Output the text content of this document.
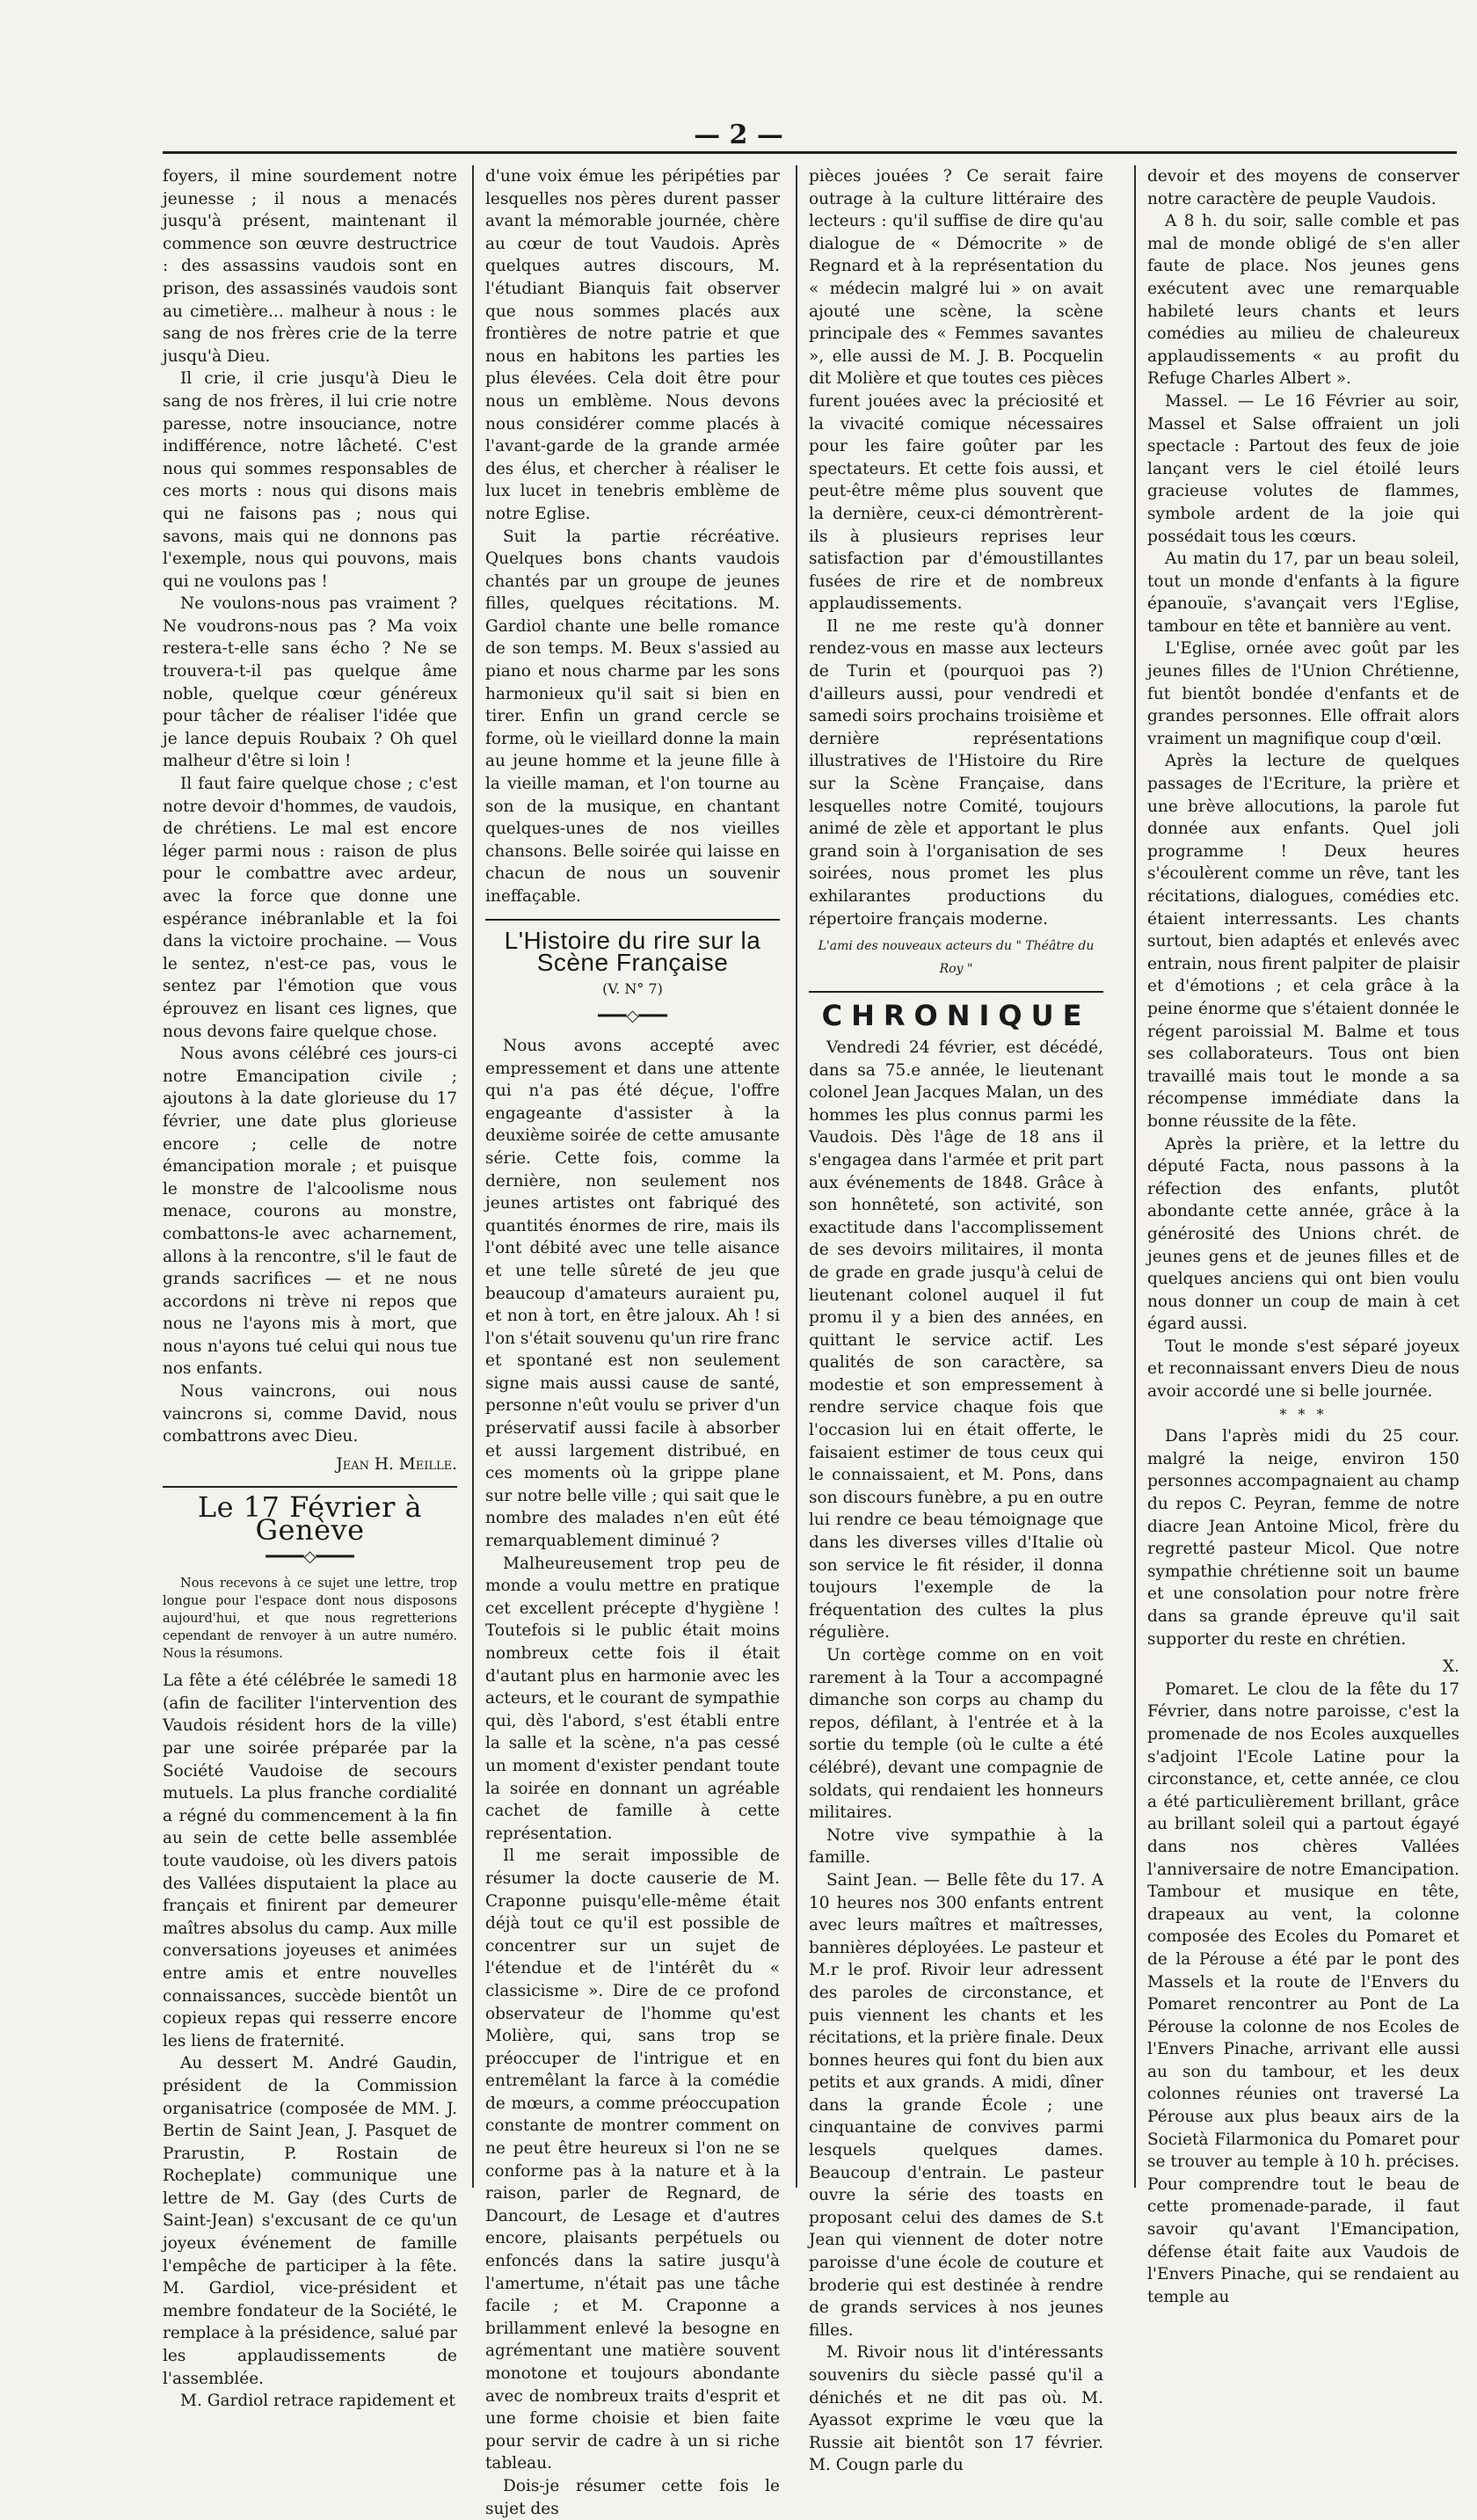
— 2 —

foyers, il mine sourdement notre jeunesse ; il nous a menacés jusqu'à présent, maintenant il commence son œuvre destructrice : des assassins vaudois sont en prison, des assassinés vaudois sont au cimetière... malheur à nous : le sang de nos frères crie de la terre jusqu'à Dieu.

Il crie, il crie jusqu'à Dieu le sang de nos frères, il lui crie notre paresse, notre insouciance, notre indifférence, notre lâcheté. C'est nous qui sommes responsables de ces morts : nous qui disons mais qui ne faisons pas ; nous qui savons, mais qui ne donnons pas l'exemple, nous qui pouvons, mais qui ne voulons pas !

Ne voulons-nous pas vraiment ? Ne voudrons-nous pas ? Ma voix restera-t-elle sans écho ? Ne se trouvera-t-il pas quelque âme noble, quelque cœur généreux pour tâcher de réaliser l'idée que je lance depuis Roubaix ? Oh quel malheur d'être si loin !

Il faut faire quelque chose ; c'est notre devoir d'hommes, de vaudois, de chrétiens. Le mal est encore léger parmi nous : raison de plus pour le combattre avec ardeur, avec la force que donne une espérance inébranlable et la foi dans la victoire prochaine. — Vous le sentez, n'est-ce pas, vous le sentez par l'émotion que vous éprouvez en lisant ces lignes, que nous devons faire quelque chose.

Nous avons célébré ces jours-ci notre Emancipation civile ; ajoutons à la date glorieuse du 17 février, une date plus glorieuse encore ; celle de notre émancipation morale ; et puisque le monstre de l'alcoolisme nous menace, courons au monstre, combattons-le avec acharnement, allons à la rencontre, s'il le faut de grands sacrifices — et ne nous accordons ni trève ni repos que nous ne l'ayons mis à mort, que nous n'ayons tué celui qui nous tue nos enfants.

Nous vaincrons, oui nous vaincrons si, comme David, nous combattrons avec Dieu.

Jean H. Meille.
Le 17 Février à Genève
━━━━◇━━━━
Nous recevons à ce sujet une lettre, trop longue pour l'espace dont nous disposons aujourd'hui, et que nous regretterions cependant de renvoyer à un autre numéro. Nous la résumons.

La fête a été célébrée le samedi 18 (afin de faciliter l'intervention des Vaudois résident hors de la ville) par une soirée préparée par la Société Vaudoise de secours mutuels. La plus franche cordialité a régné du commencement à la fin au sein de cette belle assemblée toute vaudoise, où les divers patois des Vallées disputaient la place au français et finirent par demeurer maîtres absolus du camp. Aux mille conversations joyeuses et animées entre amis et entre nouvelles connaissances, succède bientôt un copieux repas qui resserre encore les liens de fraternité.

Au dessert M. André Gaudin, président de la Commission organisatrice (composée de MM. J. Bertin de Saint Jean, J. Pasquet de Prarustin, P. Rostain de Rocheplate) communique une lettre de M. Gay (des Curts de Saint-Jean) s'excusant de ce qu'un joyeux événement de famille l'empêche de participer à la fête. M. Gardiol, vice-président et membre fondateur de la Société, le remplace à la présidence, salué par les applaudissements de l'assemblée.

M. Gardiol retrace rapidement et

d'une voix émue les péripéties par lesquelles nos pères durent passer avant la mémorable journée, chère au cœur de tout Vaudois. Après quelques autres discours, M. l'étudiant Bianquis fait observer que nous sommes placés aux frontières de notre patrie et que nous en habitons les parties les plus élevées. Cela doit être pour nous un emblème. Nous devons nous considérer comme placés à l'avant-garde de la grande armée des élus, et chercher à réaliser le lux lucet in tenebris emblème de notre Eglise.

Suit la partie récréative. Quelques bons chants vaudois chantés par un groupe de jeunes filles, quelques récitations. M. Gardiol chante une belle romance de son temps. M. Beux s'assied au piano et nous charme par les sons harmonieux qu'il sait si bien en tirer. Enfin un grand cercle se forme, où le vieillard donne la main au jeune homme et la jeune fille à la vieille maman, et l'on tourne au son de la musique, en chantant quelques-unes de nos vieilles chansons. Belle soirée qui laisse en chacun de nous un souvenir ineffaçable.

L'Histoire du rire sur la Scène Française
(V. N° 7)
━━━◇━━━

Nous avons accepté avec empressement et dans une attente qui n'a pas été déçue, l'offre engageante d'assister à la deuxième soirée de cette amusante série. Cette fois, comme la dernière, non seulement nos jeunes artistes ont fabriqué des quantités énormes de rire, mais ils l'ont débité avec une telle aisance et une telle sûreté de jeu que beaucoup d'amateurs auraient pu, et non à tort, en être jaloux. Ah ! si l'on s'était souvenu qu'un rire franc et spontané est non seulement signe mais aussi cause de santé, personne n'eût voulu se priver d'un préservatif aussi facile à absorber et aussi largement distribué, en ces moments où la grippe plane sur notre belle ville ; qui sait que le nombre des malades n'en eût été remarquablement diminué ?

Malheureusement trop peu de monde a voulu mettre en pratique cet excellent précepte d'hygiène ! Toutefois si le public était moins nombreux cette fois il était d'autant plus en harmonie avec les acteurs, et le courant de sympathie qui, dès l'abord, s'est établi entre la salle et la scène, n'a pas cessé un moment d'exister pendant toute la soirée en donnant un agréable cachet de famille à cette représentation.

Il me serait impossible de résumer la docte causerie de M. Craponne puisqu'elle-même était déjà tout ce qu'il est possible de concentrer sur un sujet de l'étendue et de l'intérêt du « classicisme ». Dire de ce profond observateur de l'homme qu'est Molière, qui, sans trop se préoccuper de l'intrigue et en entremêlant la farce à la comédie de mœurs, a comme préoccupation constante de montrer comment on ne peut être heureux si l'on ne se conforme pas à la nature et à la raison, parler de Regnard, de Dancourt, de Lesage et d'autres encore, plaisants perpétuels ou enfoncés dans la satire jusqu'à l'amertume, n'était pas une tâche facile ; et M. Craponne a brillamment enlevé la besogne en agrémentant une matière souvent monotone et toujours abondante avec de nombreux traits d'esprit et une forme choisie et bien faite pour servir de cadre à un si riche tableau.

Dois-je résumer cette fois le sujet des

pièces jouées ? Ce serait faire outrage à la culture littéraire des lecteurs : qu'il suffise de dire qu'au dialogue de « Démocrite » de Regnard et à la représentation du « médecin malgré lui » on avait ajouté une scène, la scène principale des « Femmes savantes », elle aussi de M. J. B. Pocquelin dit Molière et que toutes ces pièces furent jouées avec la préciosité et la vivacité comique nécessaires pour les faire goûter par les spectateurs. Et cette fois aussi, et peut-être même plus souvent que la dernière, ceux-ci démontrèrent-ils à plusieurs reprises leur satisfaction par d'émoustillantes fusées de rire et de nombreux applaudissements.

Il ne me reste qu'à donner rendez-vous en masse aux lecteurs de Turin et (pourquoi pas ?) d'ailleurs aussi, pour vendredi et samedi soirs prochains troisième et dernière représentations illustratives de l'Histoire du Rire sur la Scène Française, dans lesquelles notre Comité, toujours animé de zèle et apportant le plus grand soin à l'organisation de ses soirées, nous promet les plus exhilarantes productions du répertoire français moderne.

L'ami des nouveaux acteurs du " Théâtre du Roy "
CHRONIQUE

Vendredi 24 février, est décédé, dans sa 75.e année, le lieutenant colonel Jean Jacques Malan, un des hommes les plus connus parmi les Vaudois. Dès l'âge de 18 ans il s'engagea dans l'armée et prit part aux événements de 1848. Grâce à son honnêteté, son activité, son exactitude dans l'accomplissement de ses devoirs militaires, il monta de grade en grade jusqu'à celui de lieutenant colonel auquel il fut promu il y a bien des années, en quittant le service actif. Les qualités de son caractère, sa modestie et son empressement à rendre service chaque fois que l'occasion lui en était offerte, le faisaient estimer de tous ceux qui le connaissaient, et M. Pons, dans son discours funèbre, a pu en outre lui rendre ce beau témoignage que dans les diverses villes d'Italie où son service le fit résider, il donna toujours l'exemple de la fréquentation des cultes la plus régulière.

Un cortège comme on en voit rarement à la Tour a accompagné dimanche son corps au champ du repos, défilant, à l'entrée et à la sortie du temple (où le culte a été célébré), devant une compagnie de soldats, qui rendaient les honneurs militaires.

Notre vive sympathie à la famille.

Saint Jean. — Belle fête du 17. A 10 heures nos 300 enfants entrent avec leurs maîtres et maîtresses, bannières déployées. Le pasteur et M.r le prof. Rivoir leur adressent des paroles de circonstance, et puis viennent les chants et les récitations, et la prière finale. Deux bonnes heures qui font du bien aux petits et aux grands. A midi, dîner dans la grande École ; une cinquantaine de convives parmi lesquels quelques dames. Beaucoup d'entrain. Le pasteur ouvre la série des toasts en proposant celui des dames de S.t Jean qui viennent de doter notre paroisse d'une école de couture et broderie qui est destinée à rendre de grands services à nos jeunes filles.

M. Rivoir nous lit d'intéressants souvenirs du siècle passé qu'il a dénichés et ne dit pas où. M. Ayassot exprime le vœu que la Russie ait bientôt son 17 février. M. Cougn parle du

devoir et des moyens de conserver notre caractère de peuple Vaudois.

A 8 h. du soir, salle comble et pas mal de monde obligé de s'en aller faute de place. Nos jeunes gens exécutent avec une remarquable habileté leurs chants et leurs comédies au milieu de chaleureux applaudissements « au profit du Refuge Charles Albert ».

Massel. — Le 16 Février au soir, Massel et Salse offraient un joli spectacle : Partout des feux de joie lançant vers le ciel étoilé leurs gracieuse volutes de flammes, symbole ardent de la joie qui possédait tous les cœurs.

Au matin du 17, par un beau soleil, tout un monde d'enfants à la figure épanouïe, s'avançait vers l'Eglise, tambour en tête et bannière au vent.

L'Eglise, ornée avec goût par les jeunes filles de l'Union Chrétienne, fut bientôt bondée d'enfants et de grandes personnes. Elle offrait alors vraiment un magnifique coup d'œil.

Après la lecture de quelques passages de l'Ecriture, la prière et une brève allocutions, la parole fut donnée aux enfants. Quel joli programme ! Deux heures s'écoulèrent comme un rêve, tant les récitations, dialogues, comédies etc. étaient interressants. Les chants surtout, bien adaptés et enlevés avec entrain, nous firent palpiter de plaisir et d'émotions ; et cela grâce à la peine énorme que s'étaient donnée le régent paroissial M. Balme et tous ses collaborateurs. Tous ont bien travaillé mais tout le monde a sa récompense immédiate dans la bonne réussite de la fête.

Après la prière, et la lettre du député Facta, nous passons à la réfection des enfants, plutôt abondante cette année, grâce à la générosité des Unions chrét. de jeunes gens et de jeunes filles et de quelques anciens qui ont bien voulu nous donner un coup de main à cet égard aussi.

Tout le monde s'est séparé joyeux et reconnaissant envers Dieu de nous avoir accordé une si belle journée.

* * *

Dans l'après midi du 25 cour. malgré la neige, environ 150 personnes accompagnaient au champ du repos C. Peyran, femme de notre diacre Jean Antoine Micol, frère du regretté pasteur Micol. Que notre sympathie chrétienne soit un baume et une consolation pour notre frère dans sa grande épreuve qu'il sait supporter du reste en chrétien.

X.

Pomaret. Le clou de la fête du 17 Février, dans notre paroisse, c'est la promenade de nos Ecoles auxquelles s'adjoint l'Ecole Latine pour la circonstance, et, cette année, ce clou a été particulièrement brillant, grâce au brillant soleil qui a partout égayé dans nos chères Vallées l'anniversaire de notre Emancipation. Tambour et musique en tête, drapeaux au vent, la colonne composée des Ecoles du Pomaret et de la Pérouse a été par le pont des Massels et la route de l'Envers du Pomaret rencontrer au Pont de La Pérouse la colonne de nos Ecoles de l'Envers Pinache, arrivant elle aussi au son du tambour, et les deux colonnes réunies ont traversé La Pérouse aux plus beaux airs de la Società Filarmonica du Pomaret pour se trouver au temple à 10 h. précises. Pour comprendre tout le beau de cette promenade-parade, il faut savoir qu'avant l'Emancipation, défense était faite aux Vaudois de l'Envers Pinache, qui se rendaient au temple au
